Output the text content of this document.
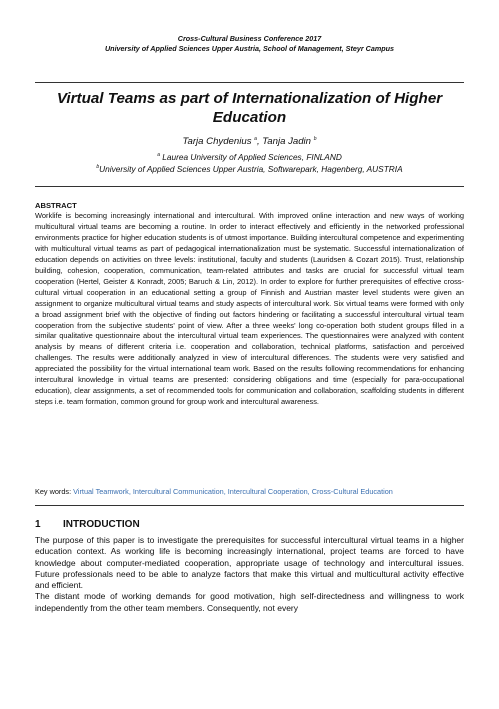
Cross-Cultural Business Conference 2017
University of Applied Sciences Upper Austria, School of Management, Steyr Campus
Virtual Teams as part of Internationalization of Higher Education
Tarja Chydenius $^a$, Tanja Jadin $^b$
$^a$ Laurea University of Applied Sciences, FINLAND
$^b$University of Applied Sciences Upper Austria, Softwarepark, Hagenberg, AUSTRIA
ABSTRACT
Worklife is becoming increasingly international and intercultural. With improved online interaction and new ways of working multicultural virtual teams are becoming a routine. In order to interact effectively and efficiently in the networked professional environments practice for higher education students is of utmost importance. Building intercultural competence and experimenting with multicultural virtual teams as part of pedagogical internationalization must be systematic. Successful internationalization of education depends on activities on three levels: institutional, faculty and students (Lauridsen & Cozart 2015). Trust, relationship building, cohesion, cooperation, communication, team-related attributes and tasks are crucial for successful virtual team cooperation (Hertel, Geister & Konradt, 2005; Baruch & Lin, 2012). In order to explore for further prerequisites of effective cross-cultural virtual cooperation in an educational setting a group of Finnish and Austrian master level students were given an assignment to organize multicultural virtual teams and study aspects of intercultural work. Six virtual teams were formed with only a broad assignment brief with the objective of finding out factors hindering or facilitating a successful intercultural virtual team cooperation from the subjective students' point of view. After a three weeks' long co-operation both student groups filled in a similar qualitative questionnaire about the intercultural virtual team experiences. The questionnaires were analyzed with content analysis by means of different criteria i.e. cooperation and collaboration, technical platforms, satisfaction and perceived challenges. The results were additionally analyzed in view of intercultural differences. The students were very satisfied and appreciated the possibility for the virtual international team work. Based on the results following recommendations for enhancing intercultural knowledge in virtual teams are presented: considering obligations and time (especially for para-occupational education), clear assignments, a set of recommended tools for communication and collaboration, scaffolding students in different steps i.e. team formation, common ground for group work and intercultural awareness.
Key words: Virtual Teamwork, Intercultural Communication, Intercultural Cooperation, Cross-Cultural Education
1 INTRODUCTION

The purpose of this paper is to investigate the prerequisites for successful intercultural virtual teams in a higher education context. As working life is becoming increasingly international, project teams are forced to have knowledge about computer-mediated cooperation, appropriate usage of technology and intercultural issues. Future professionals need to be able to analyze factors that make this virtual and multicultural activity effective and efficient.

The distant mode of working demands for good motivation, high self-directedness and willingness to work independently from the other team members. Consequently, not every
